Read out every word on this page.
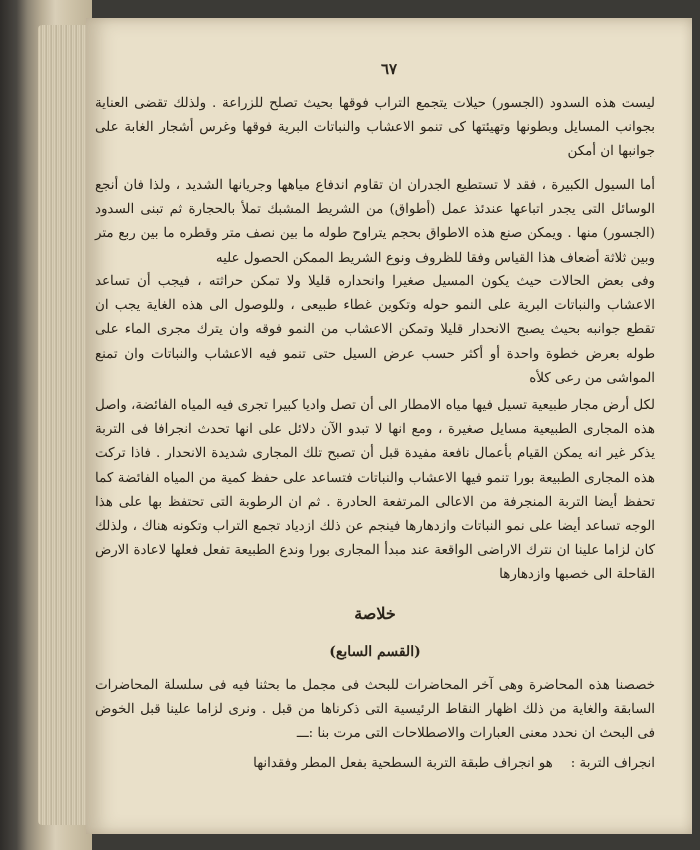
٦٧
ليست هذه السدود (الجسور) حيلات يتجمع التراب فوقها بحيث تصلح للزراعة . ولذلك تقضى العناية بجوانب المسايل وبطونها وتهيئتها كى تنمو الاعشاب والنباتات البرية فوقها وغرس أشجار الغابة على جوانبها ان أمكن
أما السيول الكبيرة ، فقد لا تستطيع الجدران ان تقاوم اندفاع مياهها وجريانها الشديد ، ولذا فان أنجع الوسائل التى يجدر اتباعها عندئذ عمل (أطواق) من الشريط المشبك تملأ بالحجارة ثم تبنى السدود (الجسور) منها . ويمكن صنع هذه الاطواق بحجم يتراوح طوله ما بين نصف متر وقطره ما بين ربع متر وبين ثلاثة أضعاف هذا القياس وفقا للظروف ونوع الشريط الممكن الحصول عليه
وفى بعض الحالات حيث يكون المسيل صغيرا وانحداره قليلا ولا تمكن حراثته ، فيجب أن تساعد الاعشاب والنباتات البرية على النمو حوله وتكوين غطاء طبيعى ، وللوصول الى هذه الغاية يجب ان تقطع جوانبه بحيث يصبح الانحدار قليلا وتمكن الاعشاب من النمو فوقه وان يترك مجرى الماء على طوله بعرض خطوة واحدة أو أكثر حسب عرض السيل حتى تنمو فيه الاعشاب والنباتات وان تمنع المواشى من رعى كلأه
لكل أرض مجار طبيعية تسيل فيها مياه الامطار الى أن تصل واديا كبيرا تجرى فيه المياه الفائضة، واصل هذه المجارى الطبيعية مسايل صغيرة ، ومع انها لا تبدو الآن دلائل على انها تحدث انجرافا فى التربة يذكر غير انه يمكن القيام بأعمال نافعة مفيدة قبل أن تصبح تلك المجارى شديدة الانحدار . فاذا تركت هذه المجارى الطبيعة بورا تنمو فيها الاعشاب والنباتات فتساعد على حفظ كمية من المياه الفائضة كما تحفظ أيضا التربة المنجرفة من الاعالى المرتفعة الحادرة . ثم ان الرطوبة التى تحتفظ بها على هذا الوجه تساعد أيضا على نمو النباتات وازدهارها فينجم عن ذلك ازدياد تجمع التراب وتكونه هناك ، ولذلك كان لزاما علينا ان نترك الاراضى الواقعة عند مبدأ المجارى بورا وندع الطبيعة تفعل فعلها لاعادة الارض القاحلة الى خصبها وازدهارها
خلاصة
(القسم السابع)
خصصنا هذه المحاضرة وهى آخر المحاضرات للبحث فى مجمل ما بحثنا فيه فى سلسلة المحاضرات السابقة والغاية من ذلك اظهار النقاط الرئيسية التى ذكرناها من قبل . ونرى لزاما علينا قبل الخوض فى البحث ان نحدد معنى العبارات والاصطلاحات التى مرت بنا :ـــ
انجراف التربة :هو انجراف طبقة التربة السطحية بفعل المطر وفقدانها
